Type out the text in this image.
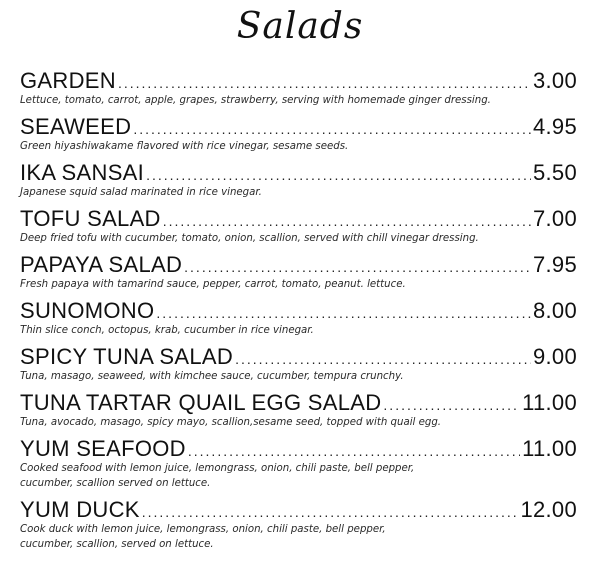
Salads
GARDEN .....	3.00
Lettuce, tomato, carrot, apple, grapes, strawberry, serving with homemade ginger dressing.
SEAWEED .....	4.95
Green hiyashiwakame flavored with rice vinegar, sesame seeds.
IKA SANSAI .....	5.50
Japanese squid salad marinated in rice vinegar.
TOFU SALAD .....	7.00
Deep fried tofu with cucumber, tomato, onion, scallion, served with chill vinegar dressing.
PAPAYA SALAD .....	7.95
Fresh papaya with tamarind sauce, pepper, carrot, tomato, peanut. lettuce.
SUNOMONO .....	8.00
Thin slice conch, octopus, krab, cucumber in rice vinegar.
SPICY TUNA SALAD .....	9.00
Tuna, masago, seaweed, with kimchee sauce, cucumber, tempura crunchy.
TUNA TARTAR QUAIL EGG SALAD .....	11.00
Tuna, avocado, masago, spicy mayo, scallion,sesame seed, topped with quail egg.
YUM SEAFOOD .....	11.00
Cooked seafood with lemon juice, lemongrass, onion, chili paste, bell pepper,
cucumber, scallion served on lettuce.
YUM DUCK .....	12.00
Cook duck with lemon juice, lemongrass, onion, chili paste, bell pepper,
cucumber, scallion, served on lettuce.
